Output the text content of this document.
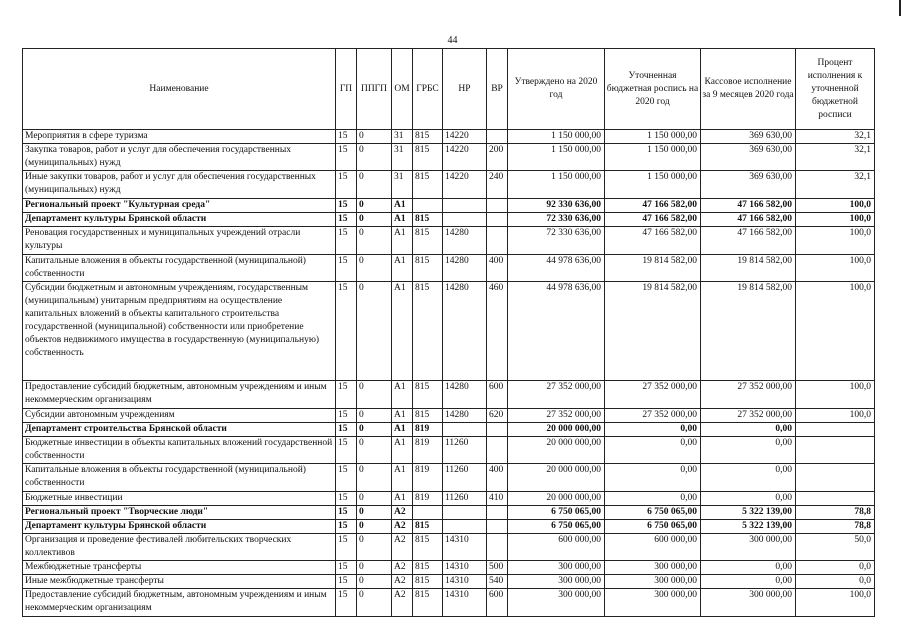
44
Наименование	ГП	ППГП	ОМ	ГРБС	НР	ВР	Утверждено на 2020 год	Уточненная бюджетная роспись на 2020 год	Кассовое исполнение за 9 месяцев 2020 года	Процент исполнения к уточненной бюджетной росписи
Мероприятия в сфере туризма	15	0	31	815	14220		1 150 000,00	1 150 000,00	369 630,00	32,1
Закупка товаров, работ и услуг для обеспечения государственных (муниципальных) нужд	15	0	31	815	14220	200	1 150 000,00	1 150 000,00	369 630,00	32,1
Иные закупки товаров, работ и услуг для обеспечения государственных (муниципальных) нужд	15	0	31	815	14220	240	1 150 000,00	1 150 000,00	369 630,00	32,1
Региональный проект "Культурная среда"	15	0	A1				92 330 636,00	47 166 582,00	47 166 582,00	100,0
Департамент культуры Брянской области	15	0	A1	815			72 330 636,00	47 166 582,00	47 166 582,00	100,0
Реновация государственных и муниципальных учреждений отрасли культуры	15	0	A1	815	14280		72 330 636,00	47 166 582,00	47 166 582,00	100,0
Капитальные вложения в объекты государственной (муниципальной) собственности	15	0	A1	815	14280	400	44 978 636,00	19 814 582,00	19 814 582,00	100,0
Субсидии бюджетным и автономным учреждениям, государственным (муниципальным) унитарным предприятиям на осуществление капитальных вложений в объекты капитального строительства государственной (муниципальной) собственности или приобретение объектов недвижимого имущества в государственную (муниципальную) собственность	15	0	A1	815	14280	460	44 978 636,00	19 814 582,00	19 814 582,00	100,0
Предоставление субсидий бюджетным, автономным учреждениям и иным некоммерческим организациям	15	0	A1	815	14280	600	27 352 000,00	27 352 000,00	27 352 000,00	100,0
Субсидии автономным учреждениям	15	0	A1	815	14280	620	27 352 000,00	27 352 000,00	27 352 000,00	100,0
Департамент строительства Брянской области	15	0	A1	819			20 000 000,00	0,00	0,00	
Бюджетные инвестиции в объекты капитальных вложений государственной собственности	15	0	A1	819	11260		20 000 000,00	0,00	0,00	
Капитальные вложения в объекты государственной (муниципальной) собственности	15	0	A1	819	11260	400	20 000 000,00	0,00	0,00	
Бюджетные инвестиции	15	0	A1	819	11260	410	20 000 000,00	0,00	0,00	
Региональный проект "Творческие люди"	15	0	A2				6 750 065,00	6 750 065,00	5 322 139,00	78,8
Департамент культуры Брянской области	15	0	A2	815			6 750 065,00	6 750 065,00	5 322 139,00	78,8
Организация и проведение фестивалей любительских творческих коллективов	15	0	A2	815	14310		600 000,00	600 000,00	300 000,00	50,0
Межбюджетные трансферты	15	0	A2	815	14310	500	300 000,00	300 000,00	0,00	0,0
Иные межбюджетные трансферты	15	0	A2	815	14310	540	300 000,00	300 000,00	0,00	0,0
Предоставление субсидий бюджетным, автономным учреждениям и иным некоммерческим организациям	15	0	A2	815	14310	600	300 000,00	300 000,00	300 000,00	100,0
